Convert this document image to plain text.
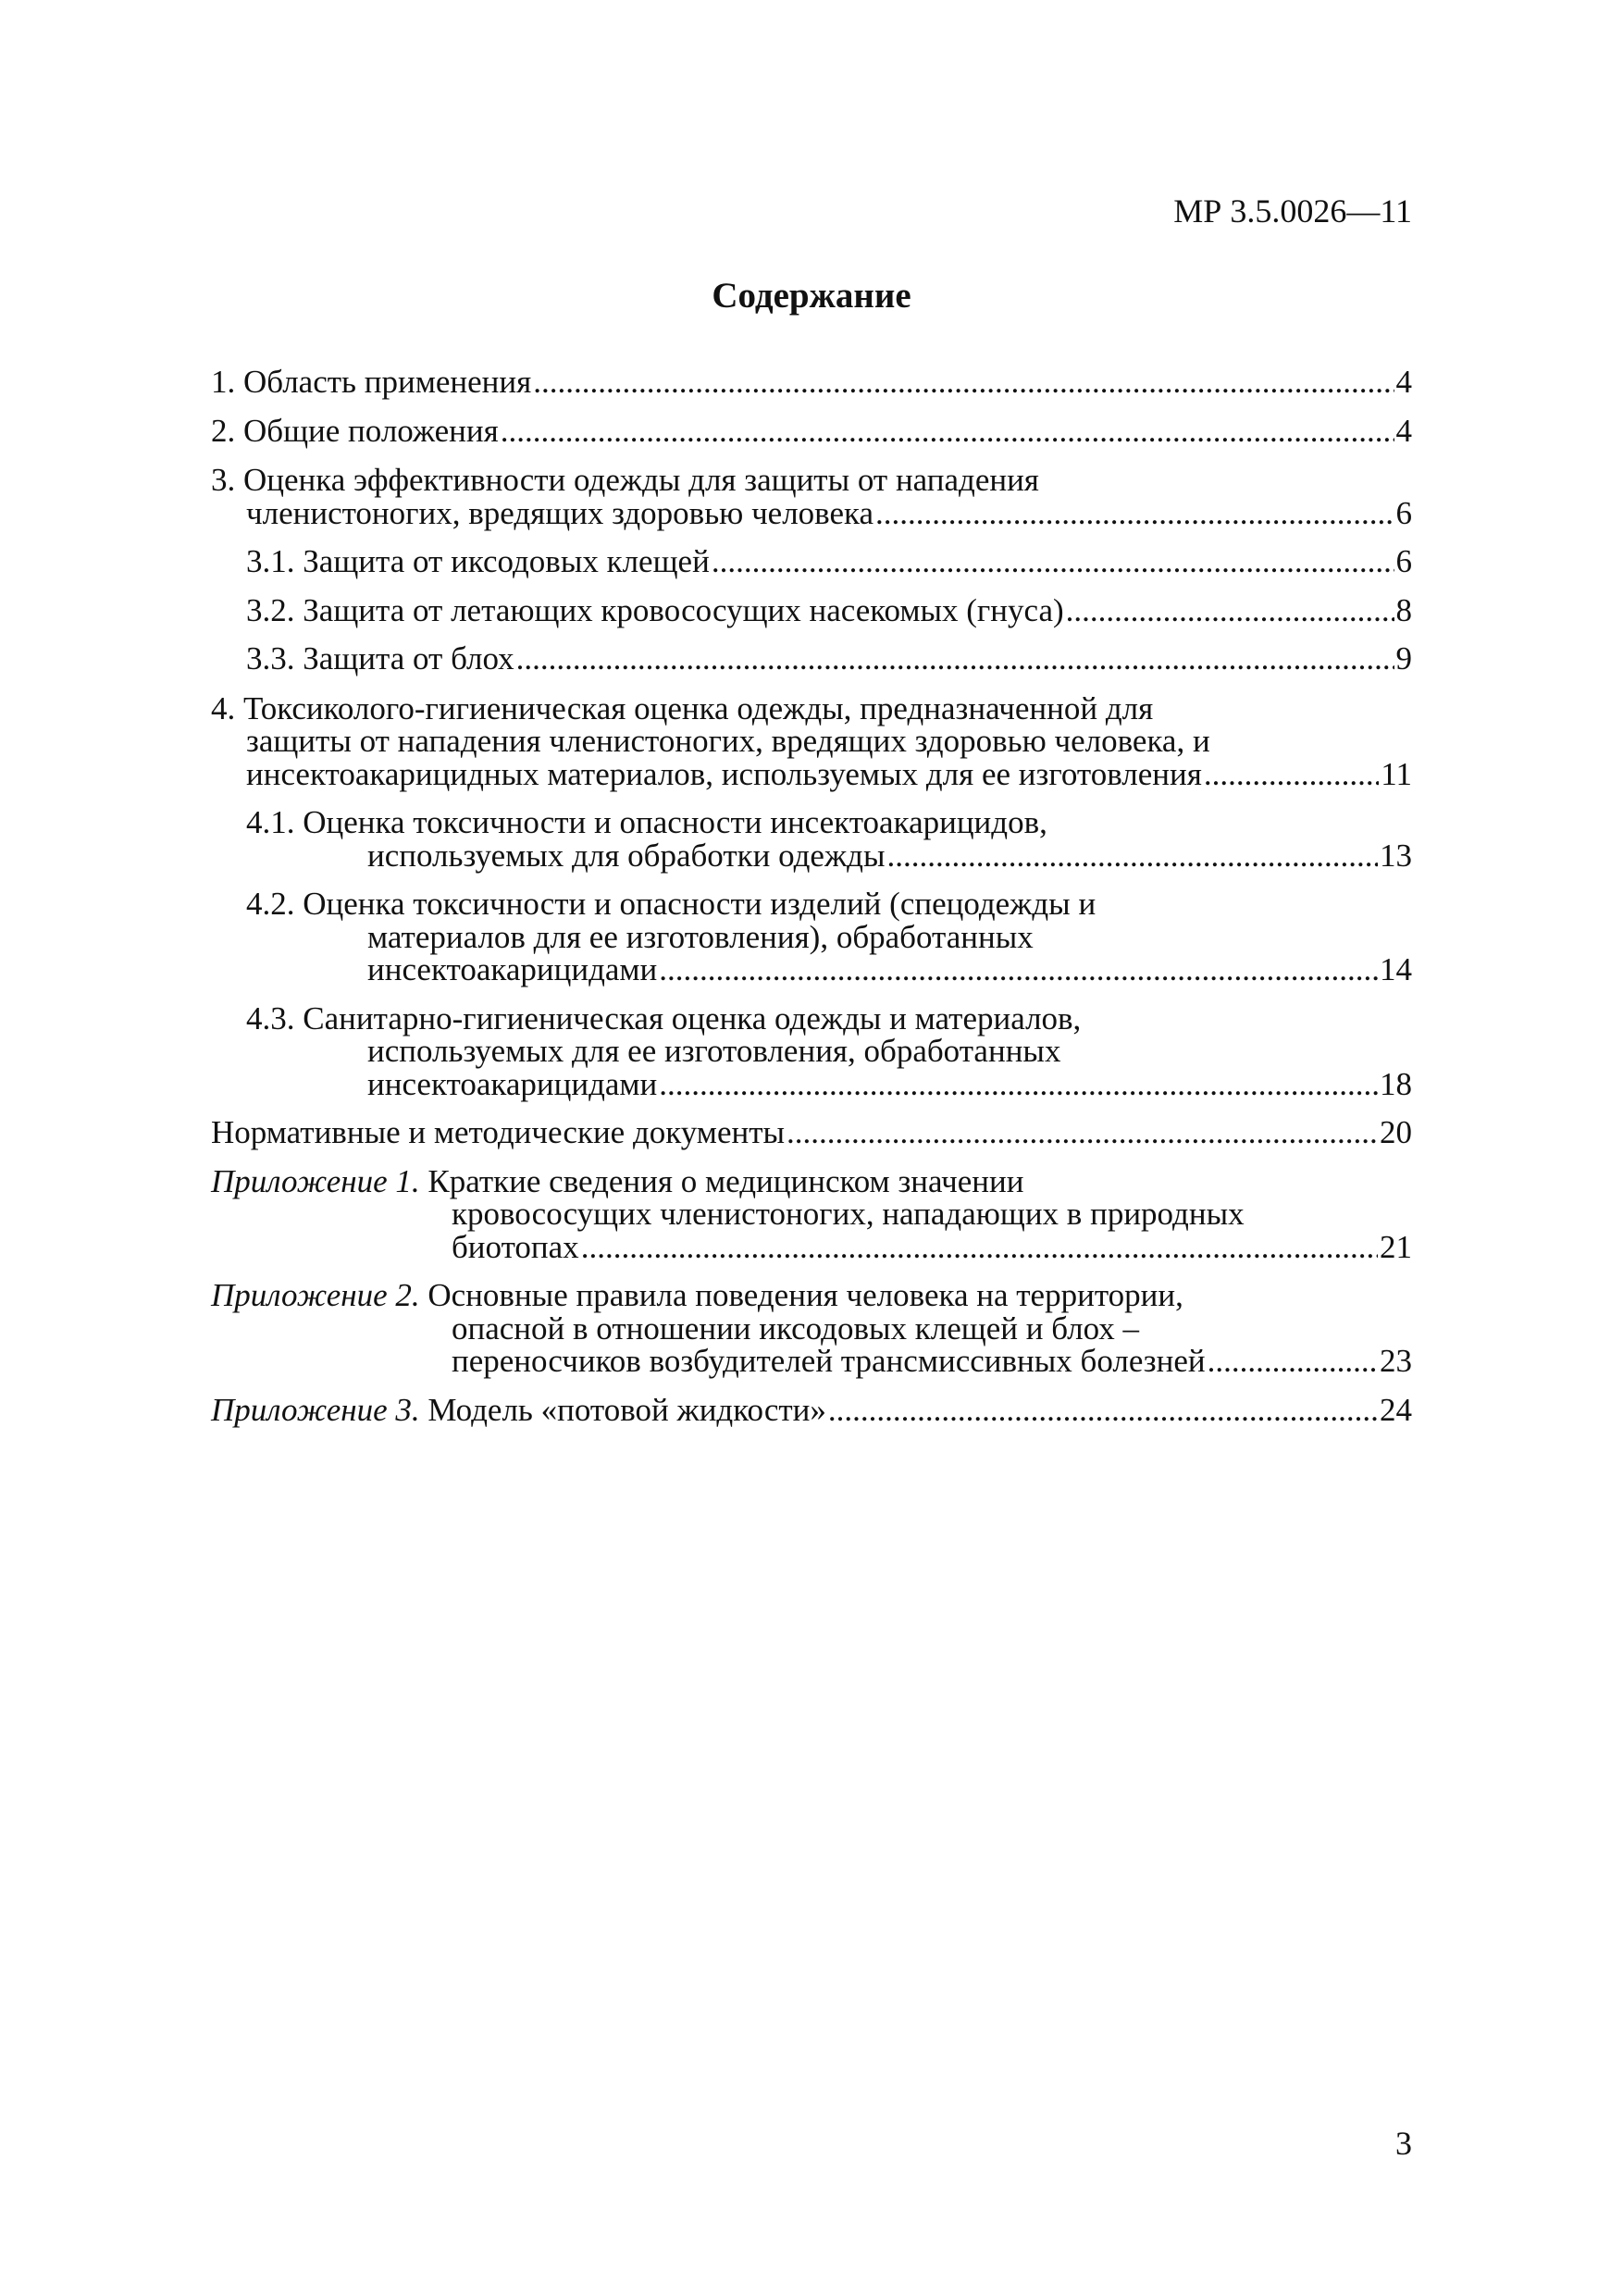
МР 3.5.0026—11
Содержание
1. Область применения .....	4
2. Общие положения .....	4
3. Оценка эффективности одежды для защиты от нападения
членистоногих, вредящих здоровью человека .....	6
3.1. Защита от иксодовых клещей .....	6
3.2. Защита от летающих кровососущих насекомых (гнуса) .....	8
3.3. Защита от блох .....	9
4. Токсиколого-гигиеническая оценка одежды, предназначенной для
защиты от нападения членистоногих, вредящих здоровью человека, и
инсектоакарицидных материалов, используемых для ее изготовления .....	11
4.1. Оценка токсичности и опасности инсектоакарицидов,
используемых для обработки одежды .....	13
4.2. Оценка токсичности и опасности изделий (спецодежды и
материалов для ее изготовления), обработанных
инсектоакарицидами .....	14
4.3. Санитарно-гигиеническая оценка одежды и материалов,
используемых для ее изготовления, обработанных
инсектоакарицидами .....	18
Нормативные и методические документы .....	20
Приложение 1. Краткие сведения о медицинском значении
кровососущих членистоногих, нападающих в природных
биотопах .....	21
Приложение 2. Основные правила поведения человека на территории,
опасной в отношении иксодовых клещей и блох –
переносчиков возбудителей трансмиссивных болезней .....	23
Приложение 3. Модель «потовой жидкости» .....	24
3
